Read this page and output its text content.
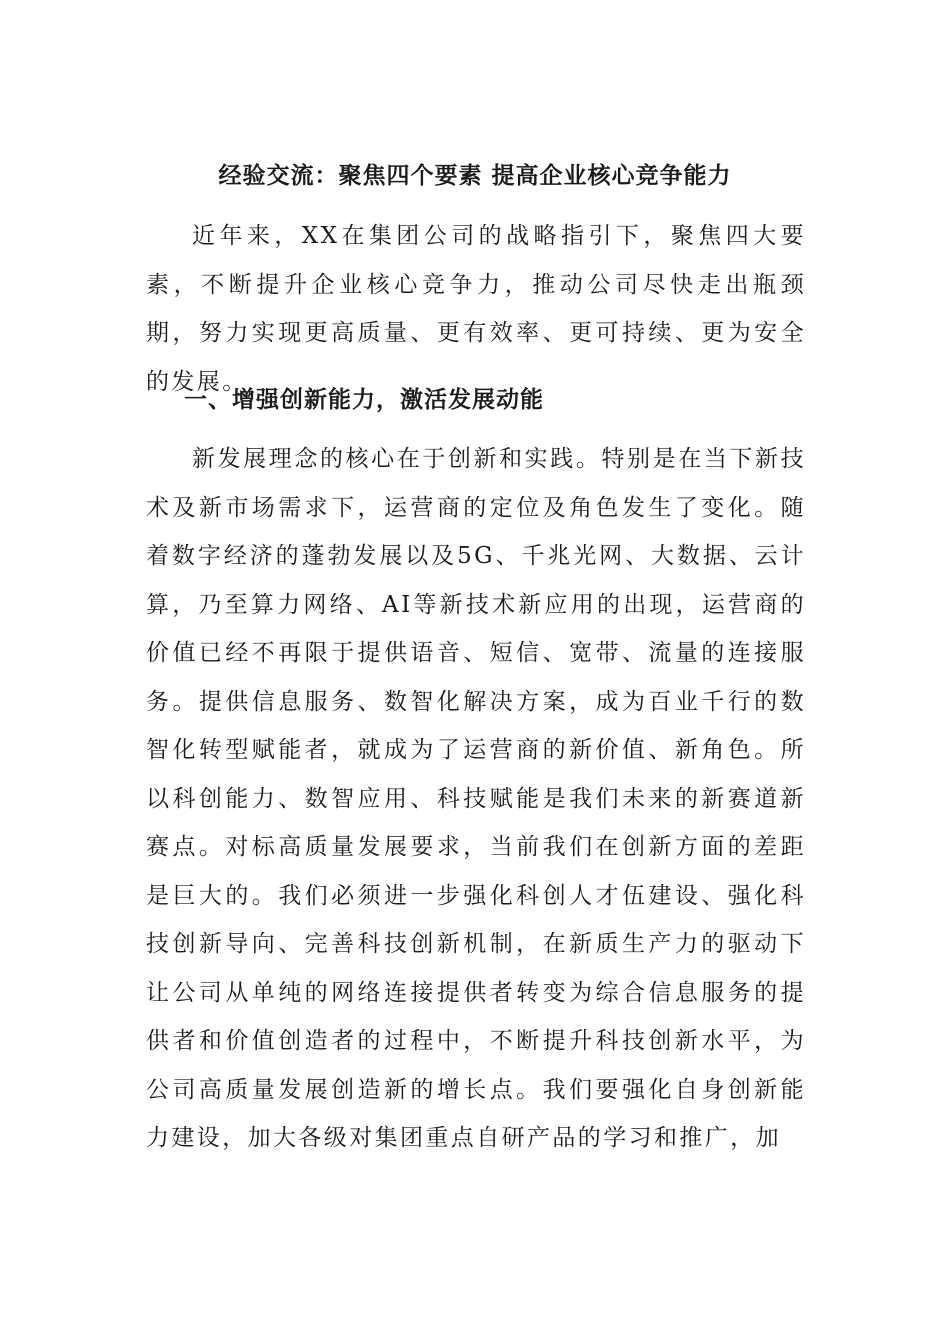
经验交流：聚焦四个要素 提高企业核心竞争能力

近年来，XX在集团公司的战略指引下，聚焦四大要素，不断提升企业核心竞争力，推动公司尽快走出瓶颈期，努力实现更高质量、更有效率、更可持续、更为安全的发展。

一、增强创新能力，激活发展动能

新发展理念的核心在于创新和实践。特别是在当下新技术及新市场需求下，运营商的定位及角色发生了变化。随着数字经济的蓬勃发展以及5G、千兆光网、大数据、云计算，乃至算力网络、AI等新技术新应用的出现，运营商的价值已经不再限于提供语音、短信、宽带、流量的连接服务。提供信息服务、数智化解决方案，成为百业千行的数智化转型赋能者，就成为了运营商的新价值、新角色。所以科创能力、数智应用、科技赋能是我们未来的新赛道新赛点。对标高质量发展要求，当前我们在创新方面的差距是巨大的。我们必须进一步强化科创人才伍建设、强化科技创新导向、完善科技创新机制，在新质生产力的驱动下让公司从单纯的网络连接提供者转变为综合信息服务的提供者和价值创造者的过程中，不断提升科技创新水平，为公司高质量发展创造新的增长点。我们要强化自身创新能力建设，加大各级对集团重点自研产品的学习和推广，加
